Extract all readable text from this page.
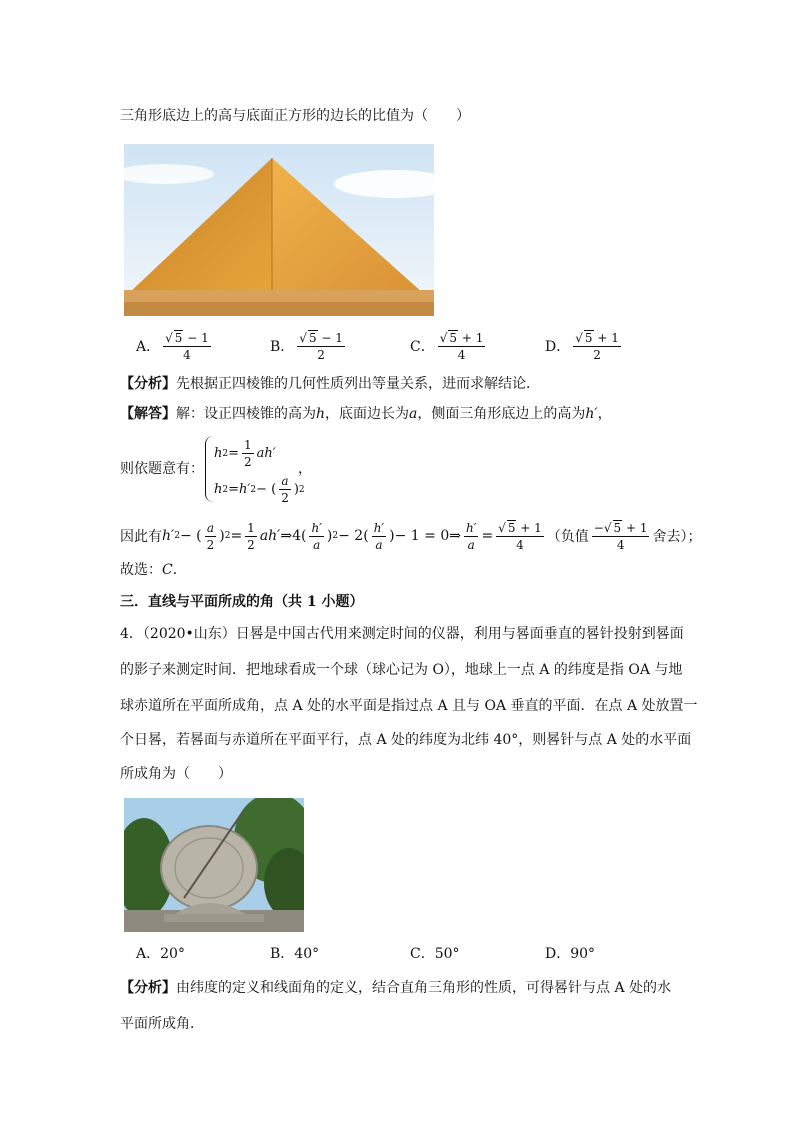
三角形底边上的高与底面正方形的边长的比值为（　　）
A． $\frac{√ 5 - 1}{4}$	B． $\frac{√ 5 - 1}{2}$	C． $\frac{√ 5 + 1}{4}$	D． $\frac{√ 5 + 1}{2}$
【分析】先根据正四棱锥的几何性质列出等量关系，进而求解结论．
【解答】解：设正四棱锥的高为h，底面边长为a，侧面三角形底边上的高为h′，
则依题意有：
h $2 = \frac{1}{2} ah'$
h 2 = h′ 2 − ( $\frac{a}{2}$ ) 2
，
因此有 h′ 2 − ( $\frac{a}{2}$ ) $2 = \frac{1}{2} ah'$ ⇒ $4( \frac{h'}{a}$ ) $2 - 2( \frac{h'}{a}$ ) − 1 = 0 ⇒ $\frac{h'}{a} = \frac{√ 5 + 1}{4}$ （负值 $\frac{-√ 5 + 1}{4}$ 舍去）；
故选：C．
三．直线与平面所成的角（共 1 小题）
4．（2020•山东）日晷是中国古代用来测定时间的仪器，利用与晷面垂直的晷针投射到晷面
的影子来测定时间．把地球看成一个球（球心记为 O），地球上一点 A 的纬度是指 OA 与地
球赤道所在平面所成角，点 A 处的水平面是指过点 A 且与 OA 垂直的平面．在点 A 处放置一
个日晷，若晷面与赤道所在平面平行，点 A 处的纬度为北纬 40°，则晷针与点 A 处的水平面
所成角为（　　）
A．20°	B．40°	C．50°	D．90°
【分析】由纬度的定义和线面角的定义，结合直角三角形的性质，可得晷针与点 A 处的水
平面所成角．
